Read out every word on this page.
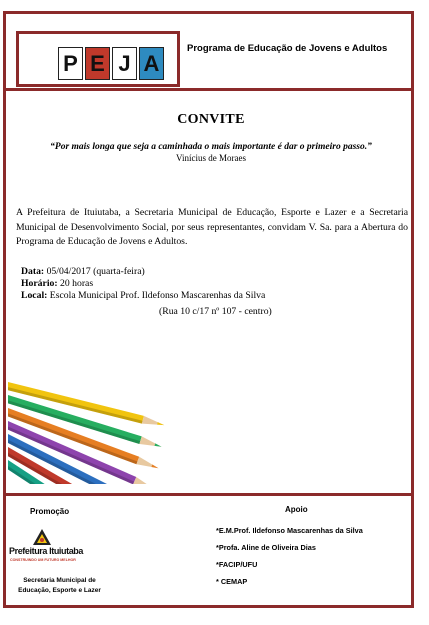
P E J A
Programa de Educação de Jovens e Adultos
CONVITE
“Por mais longa que seja a caminhada o mais importante é dar o primeiro passo.”
Vinícius de Moraes
A Prefeitura de Ituiutaba, a Secretaria Municipal de Educação, Esporte e Lazer e a Secretaria Municipal de Desenvolvimento Social, por seus representantes, convidam V. Sa. para a Abertura do Programa de Educação de Jovens e Adultos.
Data: 05/04/2017 (quarta-feira)
Horário: 20 horas
Local: Escola Municipal Prof. Ildefonso Mascarenhas da Silva
(Rua 10 c/17 nº 107 - centro)
Promoção	Apoio
Prefeitura Ituiutaba
CONSTRUINDO UM FUTURO MELHOR
Secretaria Municipal de Educação, Esporte e Lazer
*E.M.Prof. Ildefonso Mascarenhas da Silva
*Profa. Aline de Oliveira Dias
*FACIP/UFU
* CEMAP
